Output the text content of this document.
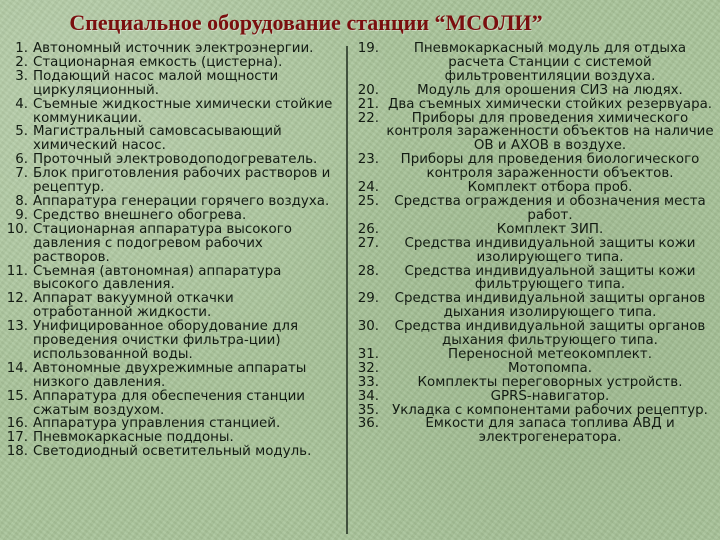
Специальное оборудование станции “МСОЛИ”
1. Автономный источник электроэнергии.
2. Стационарная емкость (цистерна).
3. Подающий насос малой мощности циркуляционный.
4. Съемные жидкостные химически стойкие коммуникации.
5. Магистральный самовсасывающий химический насос.
6. Проточный электроводоподогреватель.
7. Блок приготовления рабочих растворов и рецептур.
8. Аппаратура генерации горячего воздуха.
9. Средство внешнего обогрева.
10. Стационарная аппаратура высокого давления с подогревом рабочих растворов.
11. Съемная (автономная) аппаратура высокого давления.
12. Аппарат вакуумной откачки отработанной жидкости.
13. Унифицированное оборудование для проведения очистки фильтра-ции) использованной воды.
14. Автономные двухрежимные аппараты низкого давления.
15. Аппаратура для обеспечения станции сжатым воздухом.
16. Аппаратура управления станцией.
17. Пневмокаркасные поддоны.
18. Светодиодный осветительный модуль.
19.	Пневмокаркасный модуль для отдыха расчета Станции с системой фильтровентиляции воздуха.
20.	Модуль для орошения СИЗ на людях.
21. Два съемных химически стойких резервуара.
22. Приборы для проведения химического контроля зараженности объектов на наличие ОВ и АХОВ в воздухе.
23. Приборы для проведения биологического контроля зараженности объектов.
24.	Комплект отбора проб.
25. Средства ограждения и обозначения места работ.
26.	Комплект ЗИП.
27. Средства индивидуальной защиты кожи изолирующего типа.
28. Средства индивидуальной защиты кожи фильтрующего типа.
29. Средства индивидуальной защиты органов дыхания изолирующего типа.
30. Средства индивидуальной защиты органов дыхания фильтрующего типа.
31.	Переносной метеокомплект.
32.	Мотопомпа.
33.	Комплекты переговорных устройств.
34.	GPRS-навигатор.
35. Укладка с компонентами рабочих рецептур.
36.	Емкости для запаса топлива АВД и электрогенератора.
